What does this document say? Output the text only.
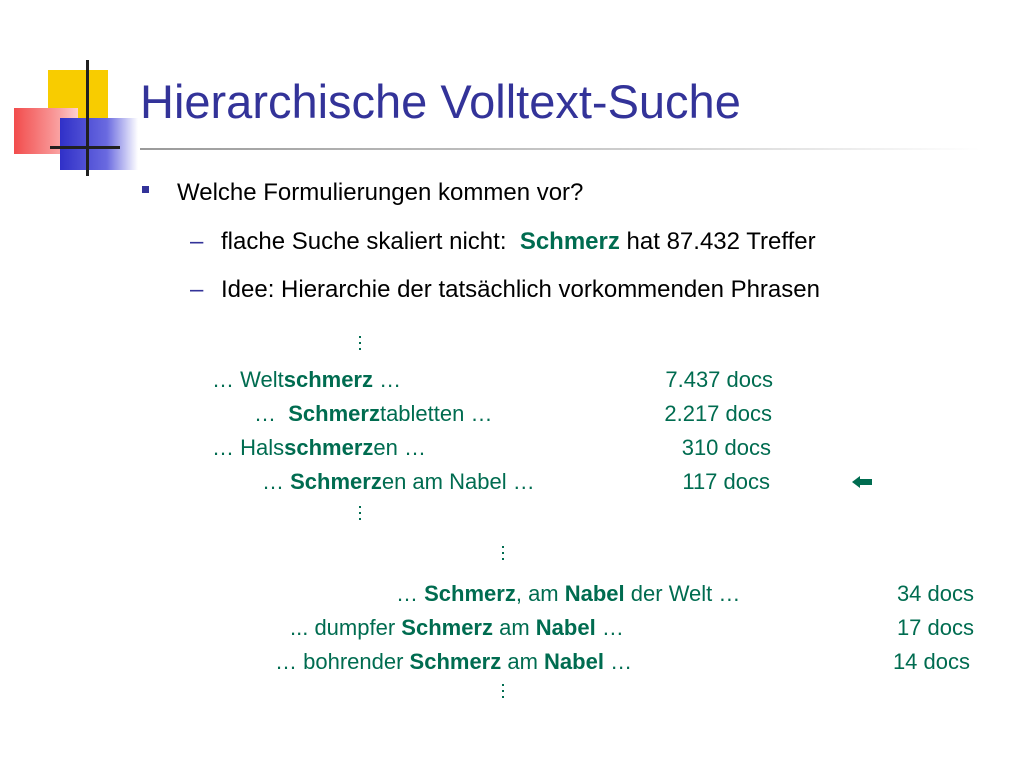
Hierarchische Volltext-Suche
Welche Formulierungen kommen vor?
– flache Suche skaliert nicht: Schmerz hat 87.432 Treffer
– Idee: Hierarchie der tatsächlich vorkommenden Phrasen
… Weltschmerz …	7.437 docs
…  Schmerztabletten …	2.217 docs
… Halsschmerzen …	310 docs
… Schmerzen am Nabel …	117 docs
… Schmerz, am Nabel der Welt …	34 docs
... dumpfer Schmerz am Nabel …	17 docs
… bohrender Schmerz am Nabel …	14 docs
